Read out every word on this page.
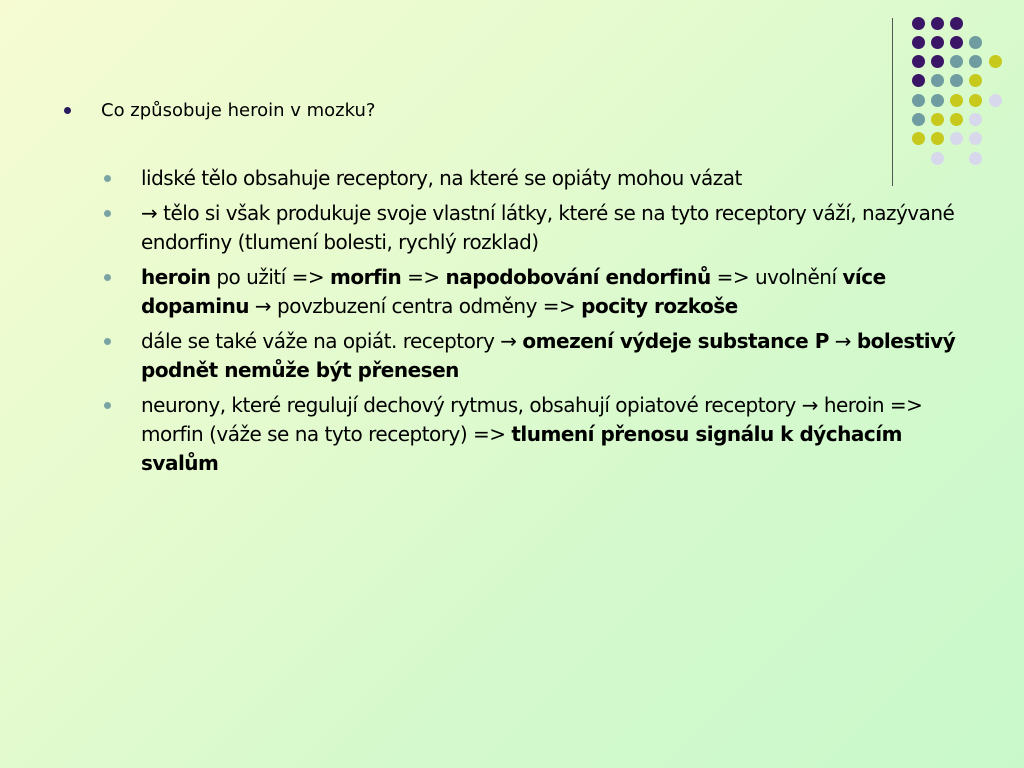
Co způsobuje heroin v mozku?
lidské tělo obsahuje receptory, na které se opiáty mohou vázat
→ tělo si však produkuje svoje vlastní látky, které se na tyto receptory váží, nazývané endorfiny (tlumení bolesti, rychlý rozklad)
heroin po užití => morfin => napodobování endorfinů => uvolnění více dopaminu → povzbuzení centra odměny => pocity rozkoše
dále se také váže na opiát. receptory → omezení výdeje substance P → bolestivý podnět nemůže být přenesen
neurony, které regulují dechový rytmus, obsahují opiatové receptory → heroin => morfin (váže se na tyto receptory) => tlumení přenosu signálu k dýchacím svalům
